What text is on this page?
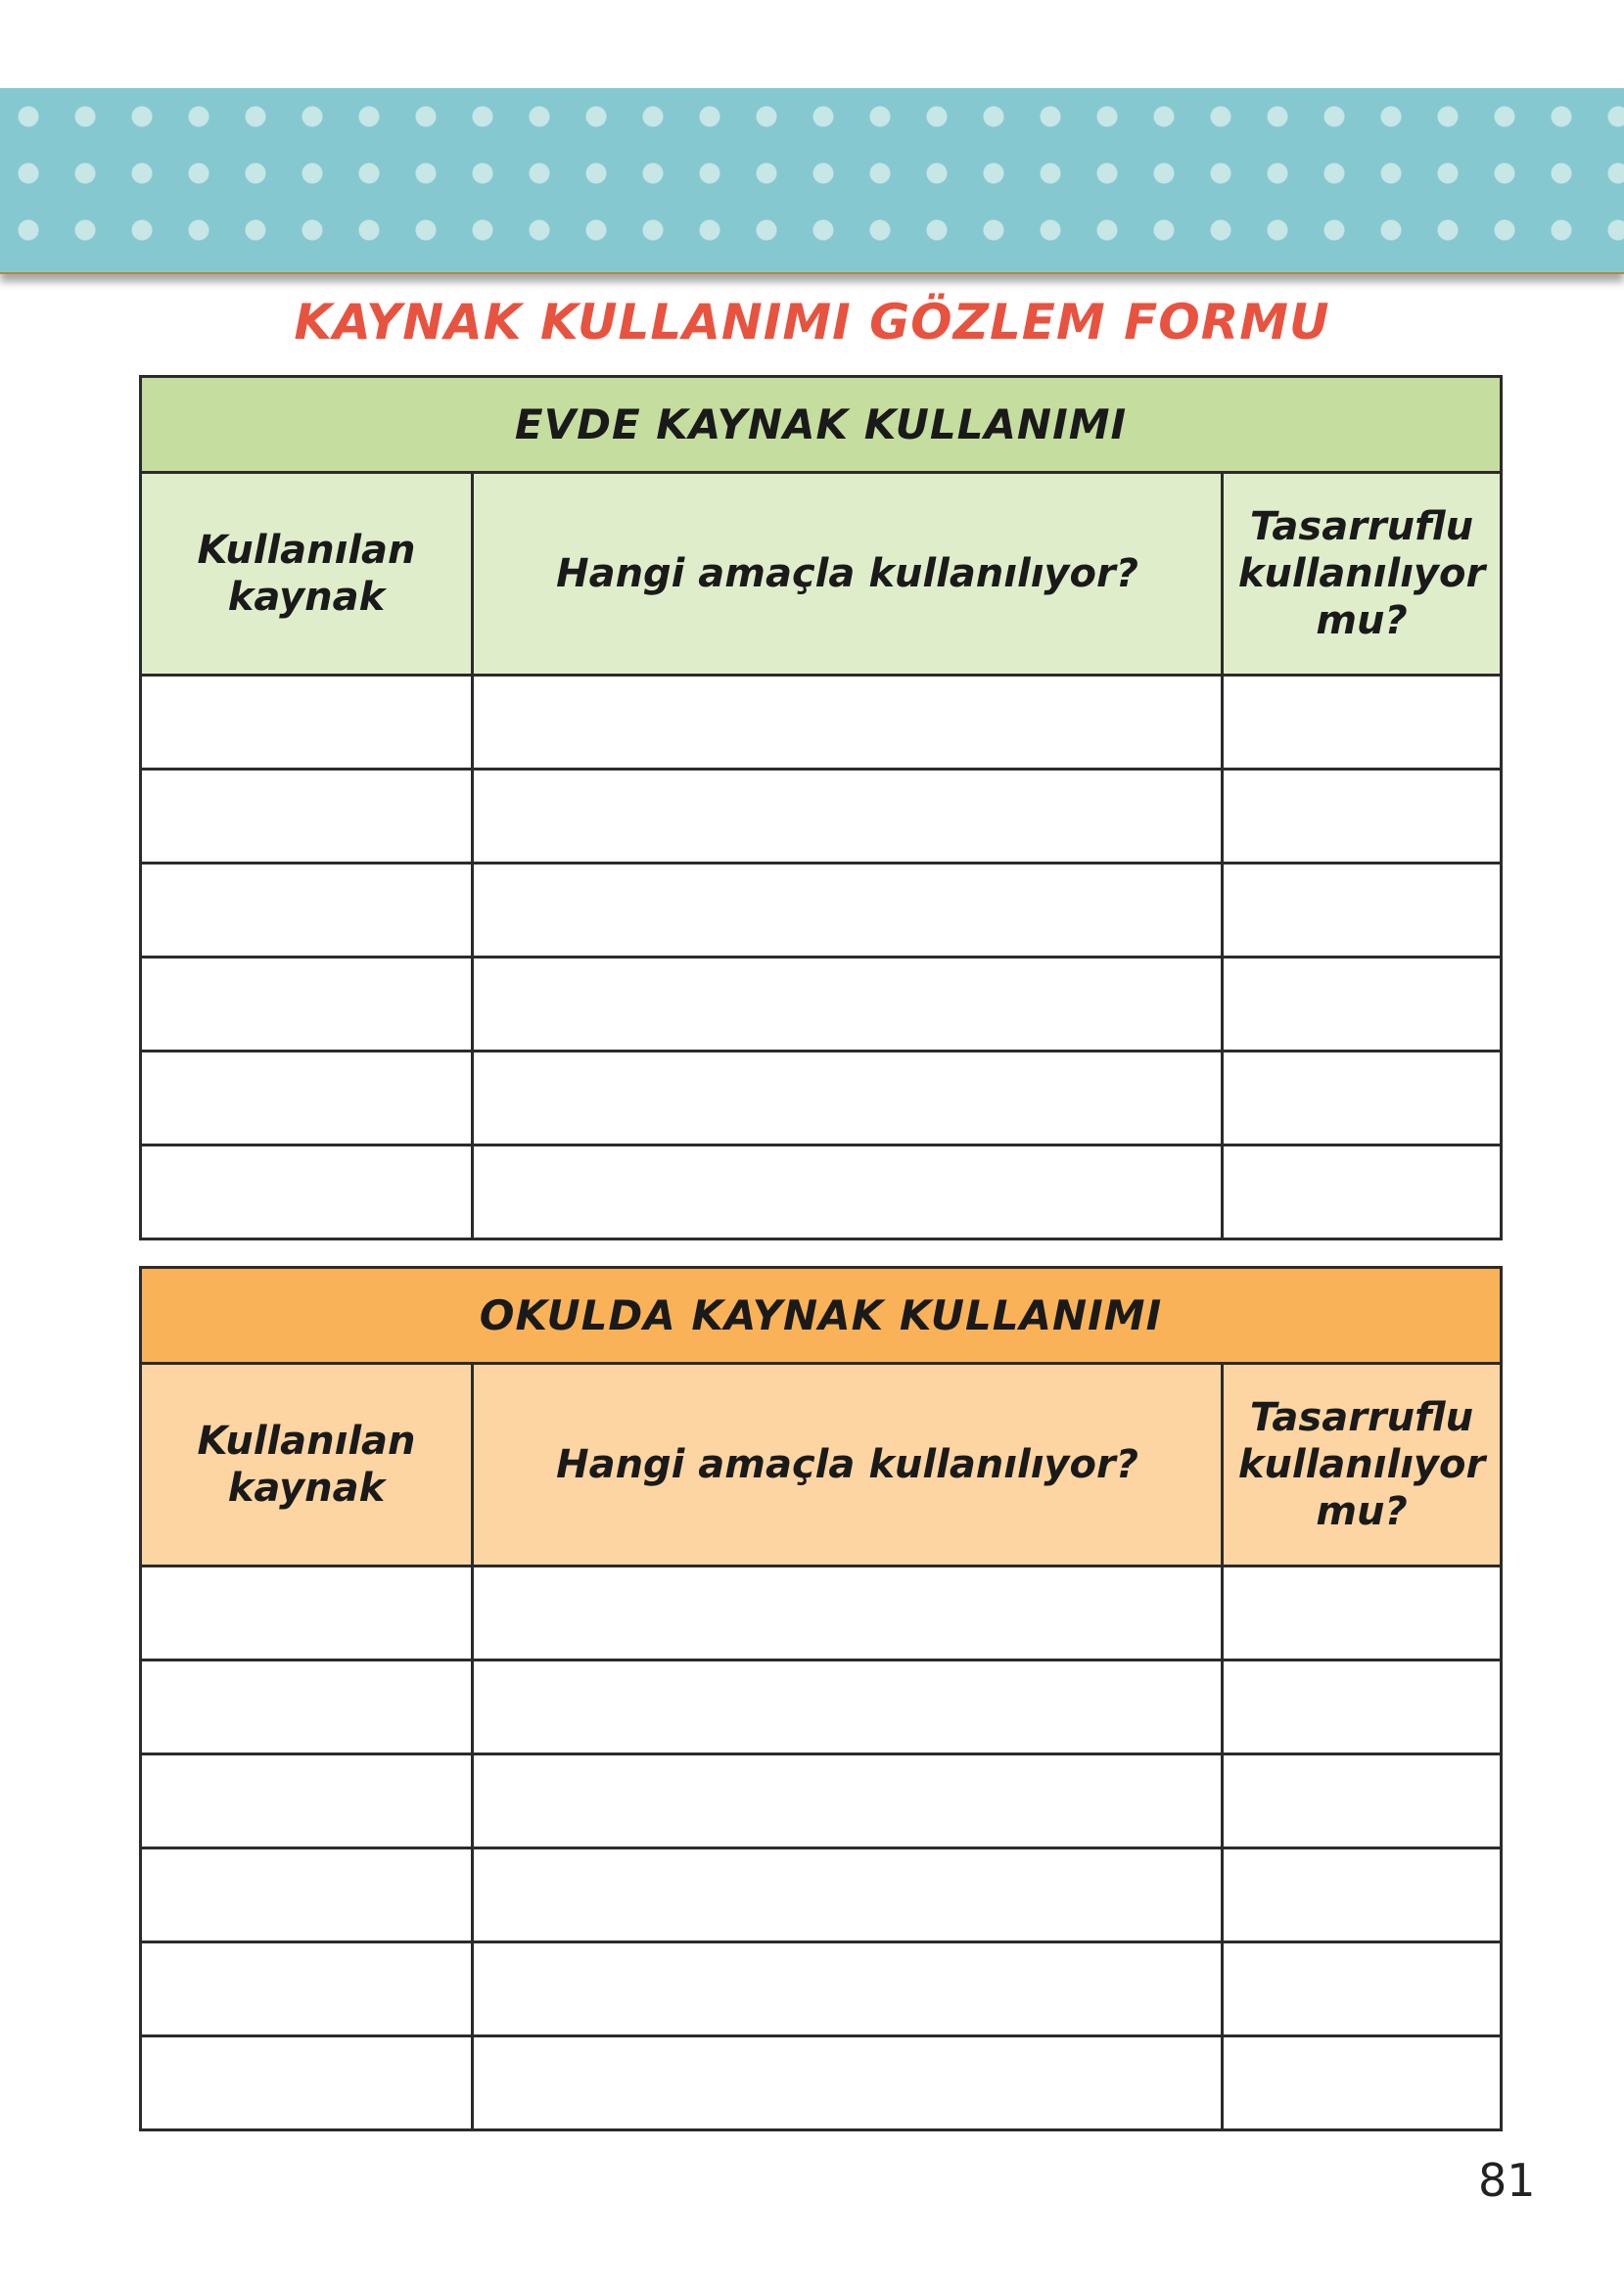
KAYNAK KULLANIMI GÖZLEM FORMU
EVDE KAYNAK KULLANIMI		
Kullanılan kaynak	Hangi amaçla kullanılıyor?	Tasarruflu kullanılıyor mu?

OKULDA KAYNAK KULLANIMI		
Kullanılan kaynak	Hangi amaçla kullanılıyor?	Tasarruflu kullanılıyor mu?

81
